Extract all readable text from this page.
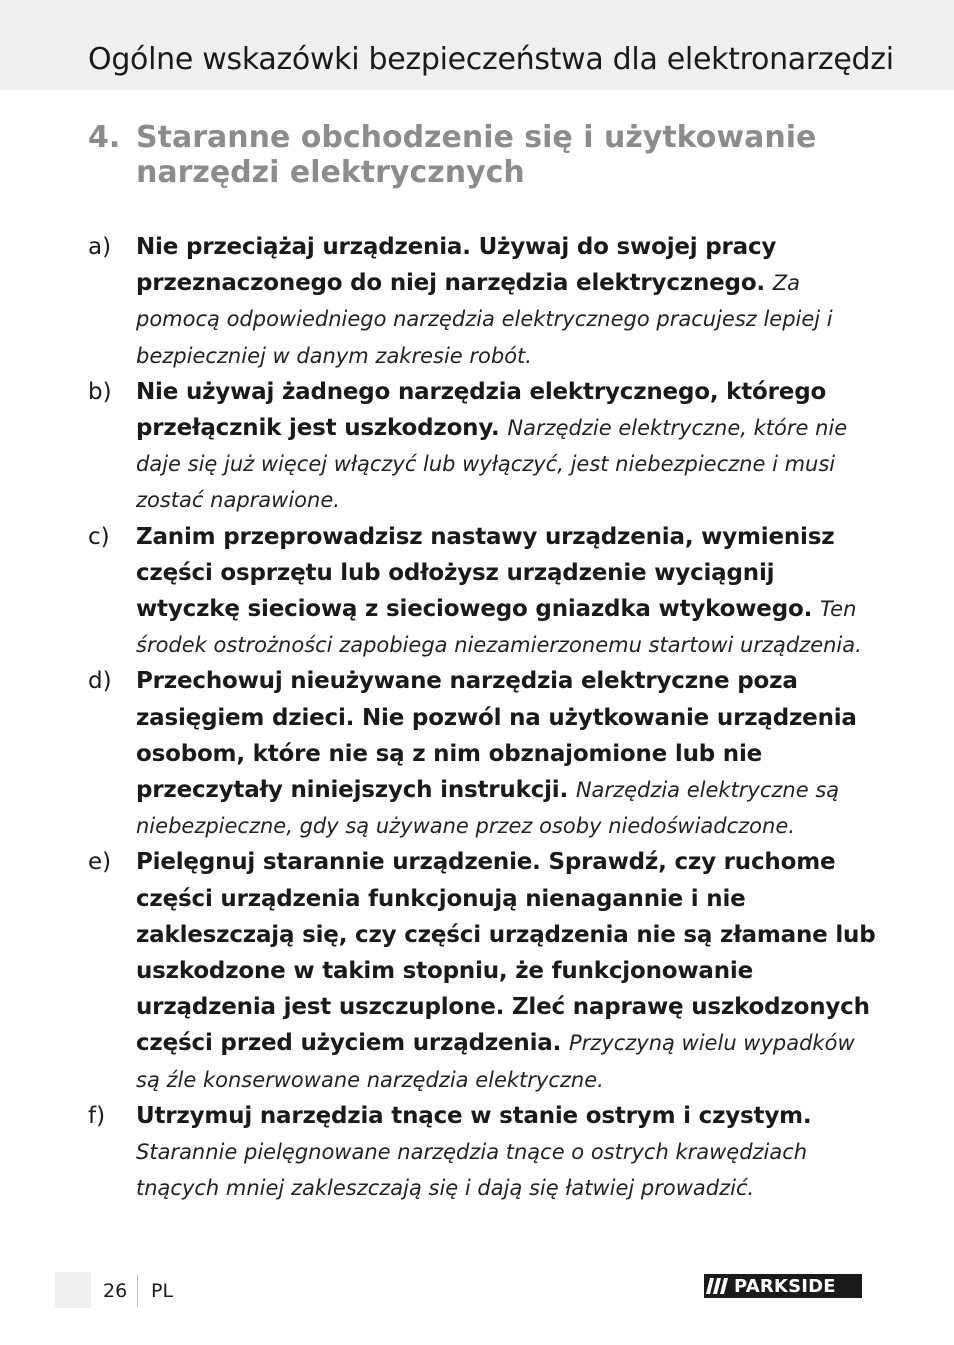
Ogólne wskazówki bezpieczeństwa dla elektronarzędzi
4. Staranne obchodzenie się i użytkowanie narzędzi elektrycznych
a) Nie przeciążaj urządzenia. Używaj do swojej pracy przeznaczonego do niej narzędzia elektrycznego. Za pomocą odpowiedniego narzędzia elektrycznego pracujesz lepiej i bezpieczniej w danym zakresie robót.
b) Nie używaj żadnego narzędzia elektrycznego, którego przełącznik jest uszkodzony. Narzędzie elektryczne, które nie daje się już więcej włączyć lub wyłączyć, jest niebezpieczne i musi zostać naprawione.
c) Zanim przeprowadzisz nastawy urządzenia, wymienisz części osprzętu lub odłożysz urządzenie wyciągnij wtyczkę sieciową z sieciowego gniazdka wtykowego. Ten środek ostrożności zapobiega niezamierzonemu startowi urządzenia.
d) Przechowuj nieużywane narzędzia elektryczne poza zasięgiem dzieci. Nie pozwól na użytkowanie urządzenia osobom, które nie są z nim obznajomione lub nie przeczytały niniejszych instrukcji. Narzędzia elektryczne są niebezpieczne, gdy są używane przez osoby niedoświadczone.
e) Pielęgnuj starannie urządzenie. Sprawdź, czy ruchome części urządzenia funkcjonują nienagannie i nie zakleszczają się, czy części urządzenia nie są złamane lub uszkodzone w takim stopniu, że funkcjonowanie urządzenia jest uszczuplone. Zleć naprawę uszkodzonych części przed użyciem urządzenia. Przyczyną wielu wypadków są źle konserwowane narzędzia elektryczne.
f) Utrzymuj narzędzia tnące w stanie ostrym i czystym. Starannie pielęgnowane narzędzia tnące o ostrych krawędziach tnących mniej zakleszczają się i dają się łatwiej prowadzić.
26 PL	PARKSIDE
